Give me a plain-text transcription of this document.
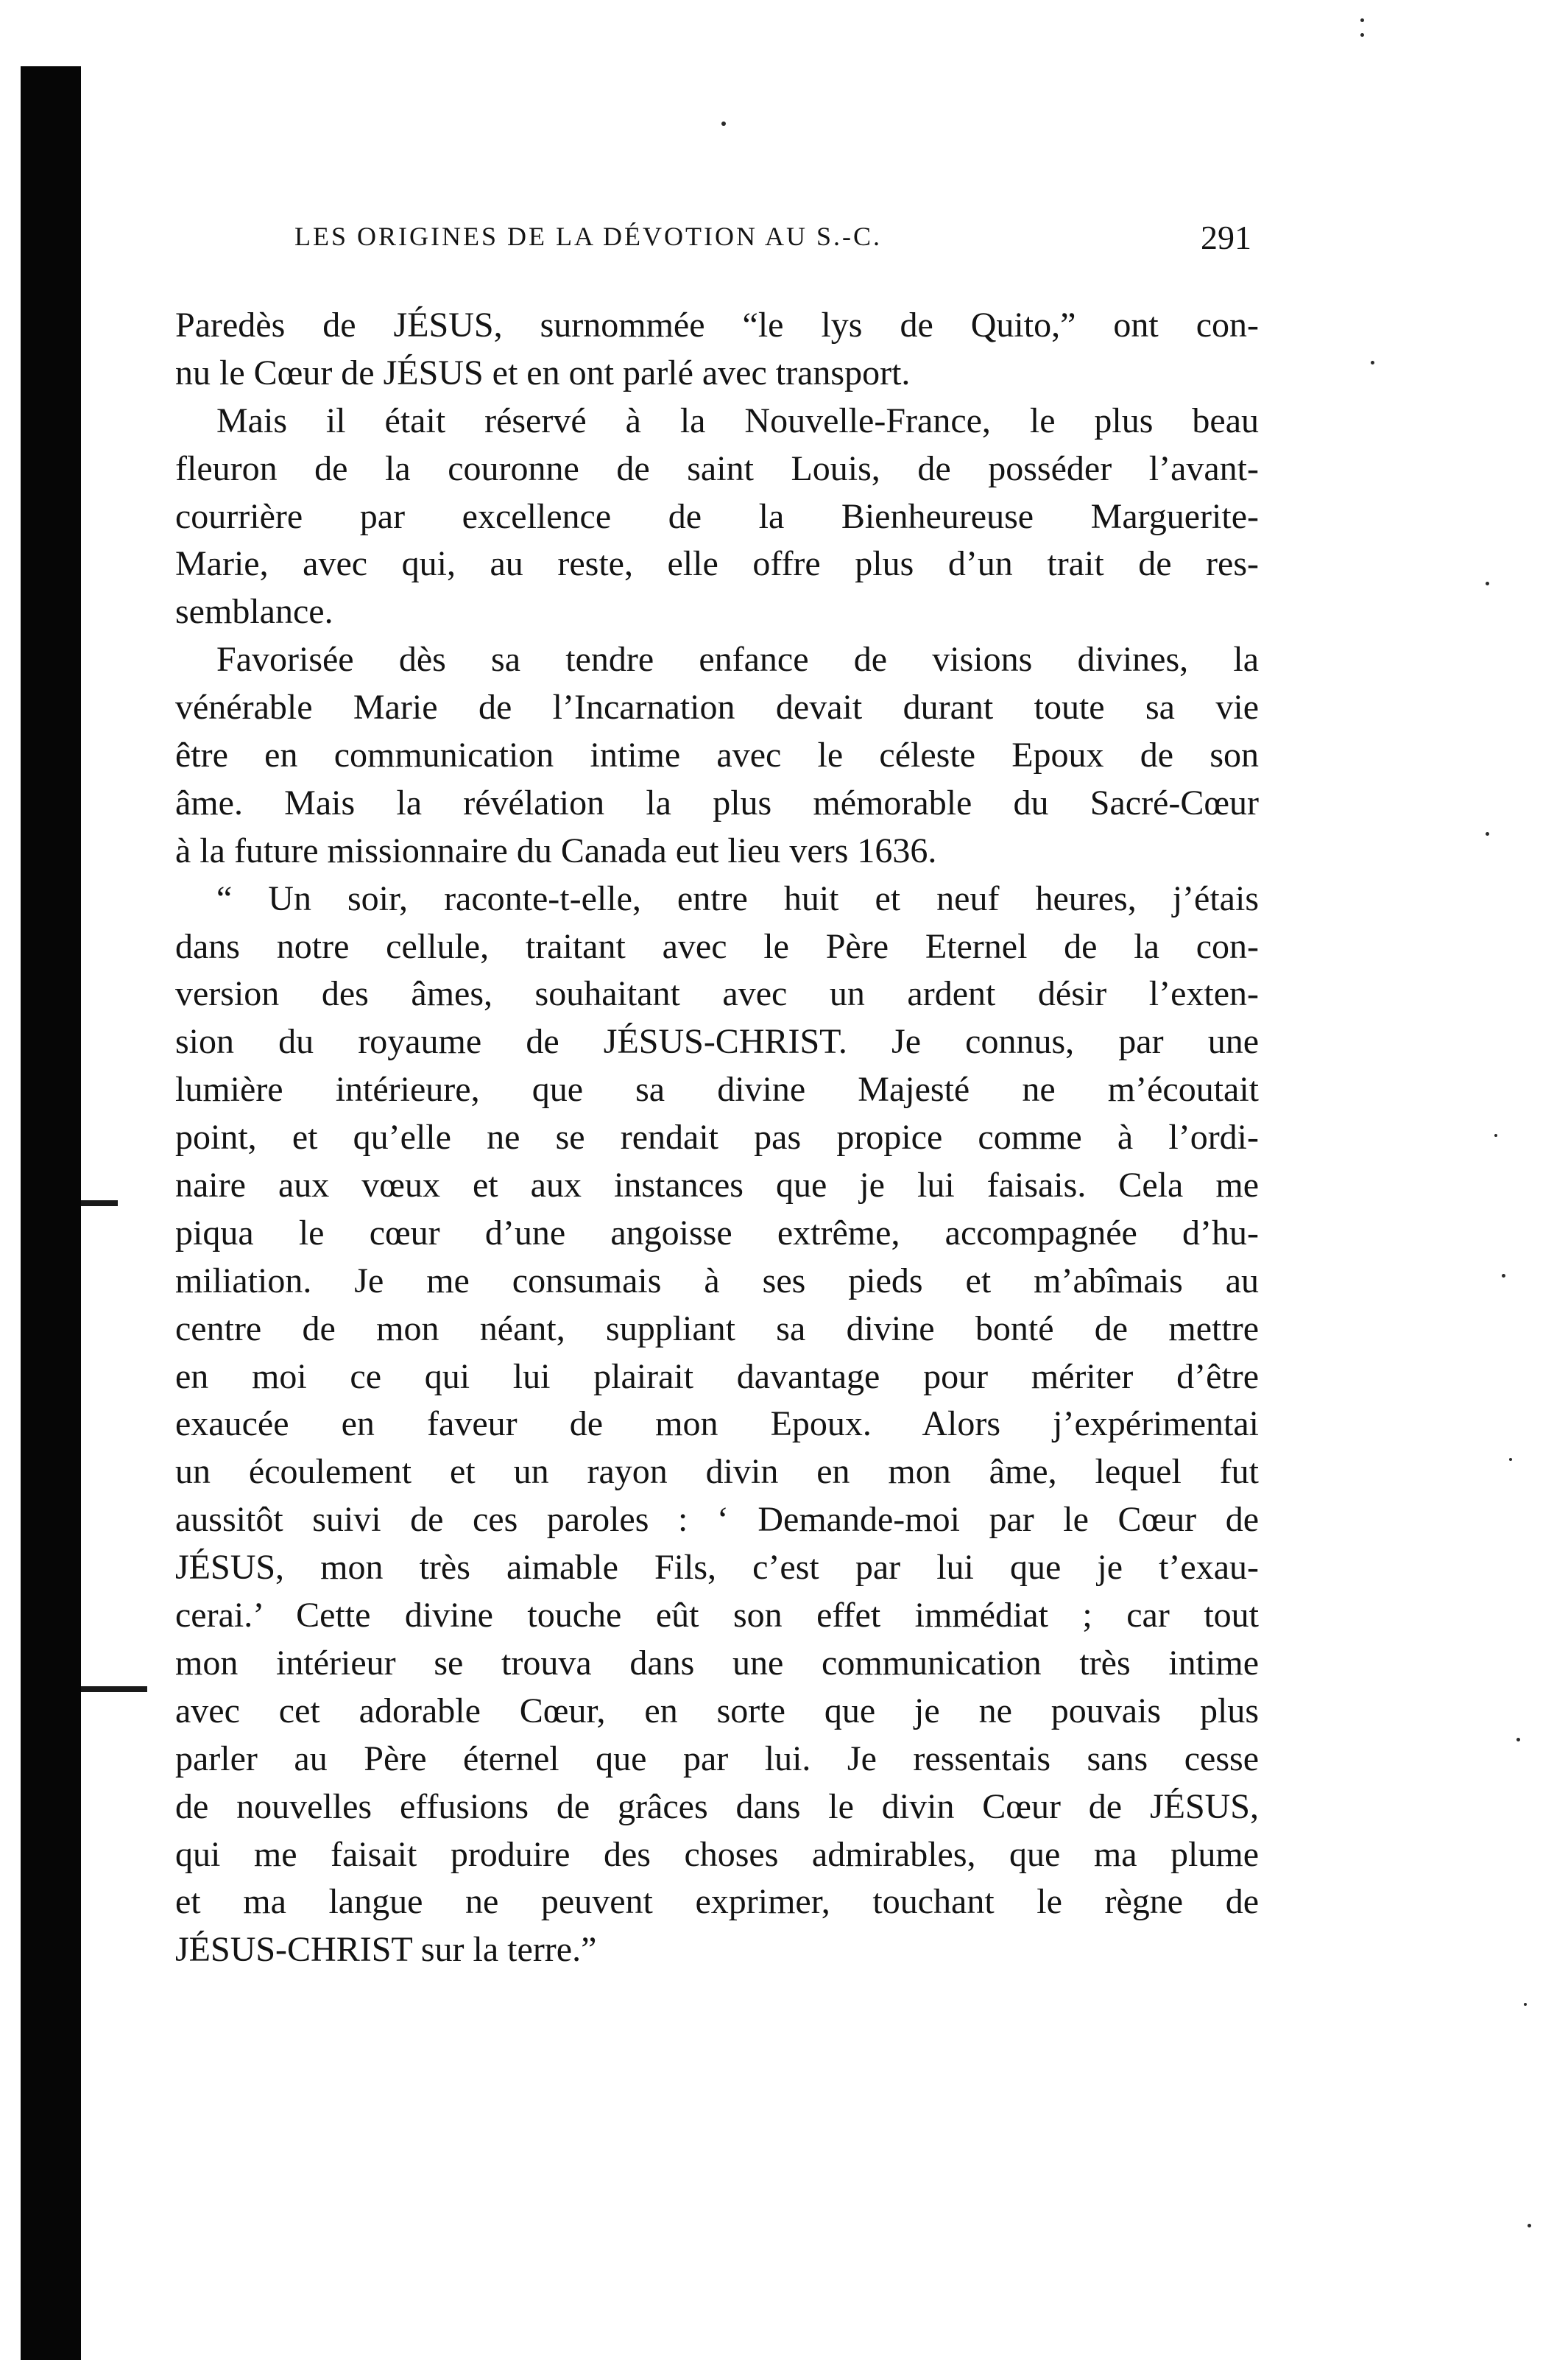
LES ORIGINES DE LA DÉVOTION AU S.-C.	291
Paredès de JÉSUS, surnommée “le lys de Quito,” ont con-
nu le Cœur de JÉSUS et en ont parlé avec transport.
Mais il était réservé à la Nouvelle-France, le plus beau
fleuron de la couronne de saint Louis, de posséder l’avant-
courrière par excellence de la Bienheureuse Marguerite-
Marie, avec qui, au reste, elle offre plus d’un trait de res-
semblance.
Favorisée dès sa tendre enfance de visions divines, la
vénérable Marie de l’Incarnation devait durant toute sa vie
être en communication intime avec le céleste Epoux de son
âme. Mais la révélation la plus mémorable du Sacré-Cœur
à la future missionnaire du Canada eut lieu vers 1636.
“ Un soir, raconte-t-elle, entre huit et neuf heures, j’étais
dans notre cellule, traitant avec le Père Eternel de la con-
version des âmes, souhaitant avec un ardent désir l’exten-
sion du royaume de JÉSUS-CHRIST. Je connus, par une
lumière intérieure, que sa divine Majesté ne m’écoutait
point, et qu’elle ne se rendait pas propice comme à l’ordi-
naire aux vœux et aux instances que je lui faisais. Cela me
piqua le cœur d’une angoisse extrême, accompagnée d’hu-
miliation. Je me consumais à ses pieds et m’abîmais au
centre de mon néant, suppliant sa divine bonté de mettre
en moi ce qui lui plairait davantage pour mériter d’être
exaucée en faveur de mon Epoux. Alors j’expérimentai
un écoulement et un rayon divin en mon âme, lequel fut
aussitôt suivi de ces paroles : ‘ Demande-moi par le Cœur de
JÉSUS, mon très aimable Fils, c’est par lui que je t’exau-
cerai.’ Cette divine touche eût son effet immédiat ; car tout
mon intérieur se trouva dans une communication très intime
avec cet adorable Cœur, en sorte que je ne pouvais plus
parler au Père éternel que par lui. Je ressentais sans cesse
de nouvelles effusions de grâces dans le divin Cœur de JÉSUS,
qui me faisait produire des choses admirables, que ma plume
et ma langue ne peuvent exprimer, touchant le règne de
JÉSUS-CHRIST sur la terre.”
